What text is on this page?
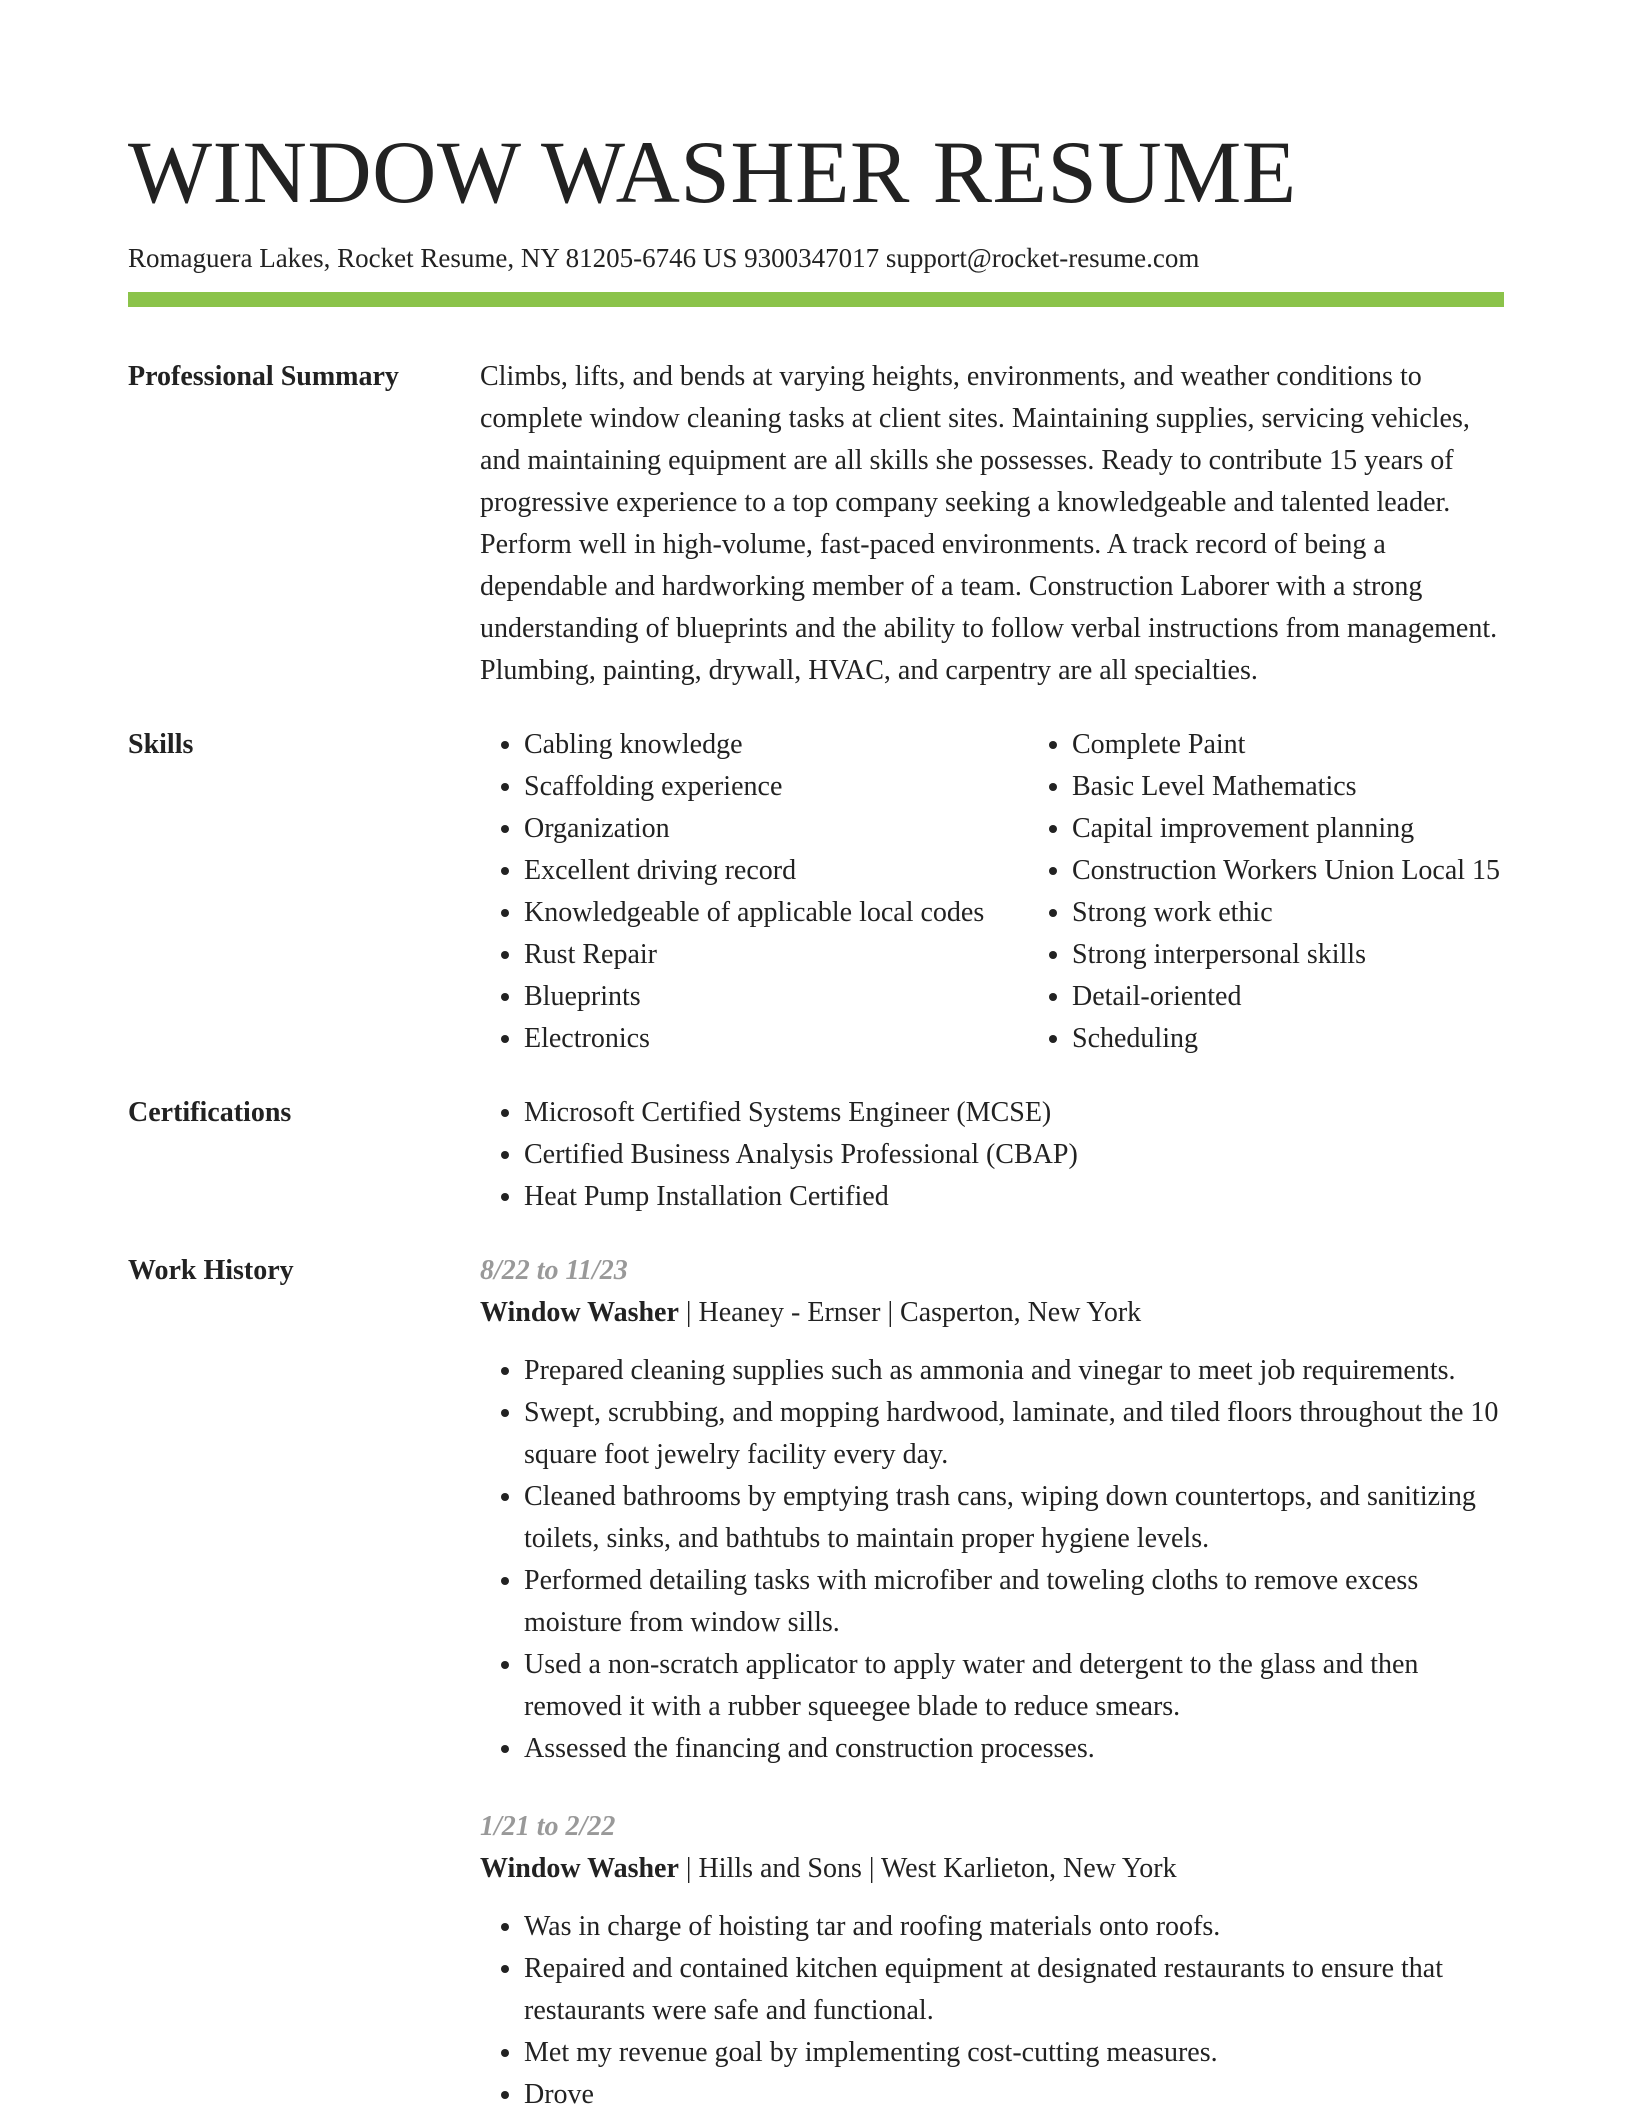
WINDOW WASHER RESUME
Romaguera Lakes, Rocket Resume, NY 81205-6746 US 9300347017 support@rocket-resume.com
Professional Summary	Climbs, lifts, and bends at varying heights, environments, and weather conditions to complete window cleaning tasks at client sites. Maintaining supplies, servicing vehicles, and maintaining equipment are all skills she possesses. Ready to contribute 15 years of progressive experience to a top company seeking a knowledgeable and talented leader. Perform well in high-volume, fast-paced environments. A track record of being a dependable and hardworking member of a team. Construction Laborer with a strong understanding of blueprints and the ability to follow verbal instructions from management. Plumbing, painting, drywall, HVAC, and carpentry are all specialties.

Skills	• Cabling knowledge
• Scaffolding experience
• Organization
• Excellent driving record
• Knowledgeable of applicable local codes
• Rust Repair
• Blueprints
• Electronics
• Complete Paint
• Basic Level Mathematics
• Capital improvement planning
• Construction Workers Union Local 15
• Strong work ethic
• Strong interpersonal skills
• Detail-oriented
• Scheduling
Certifications	• Microsoft Certified Systems Engineer (MCSE)
• Certified Business Analysis Professional (CBAP)
• Heat Pump Installation Certified
Work History	8/22 to 11/23
Window Washer | Heaney - Ernser | Casperton, New York
• Prepared cleaning supplies such as ammonia and vinegar to meet job requirements.
• Swept, scrubbing, and mopping hardwood, laminate, and tiled floors throughout the 10 square foot jewelry facility every day.
• Cleaned bathrooms by emptying trash cans, wiping down countertops, and sanitizing toilets, sinks, and bathtubs to maintain proper hygiene levels.
• Performed detailing tasks with microfiber and toweling cloths to remove excess moisture from window sills.
• Used a non-scratch applicator to apply water and detergent to the glass and then removed it with a rubber squeegee blade to reduce smears.
• Assessed the financing and construction processes.
1/21 to 2/22
Window Washer | Hills and Sons | West Karlieton, New York
• Was in charge of hoisting tar and roofing materials onto roofs.
• Repaired and contained kitchen equipment at designated restaurants to ensure that restaurants were safe and functional.
• Met my revenue goal by implementing cost-cutting measures.
• Drove
